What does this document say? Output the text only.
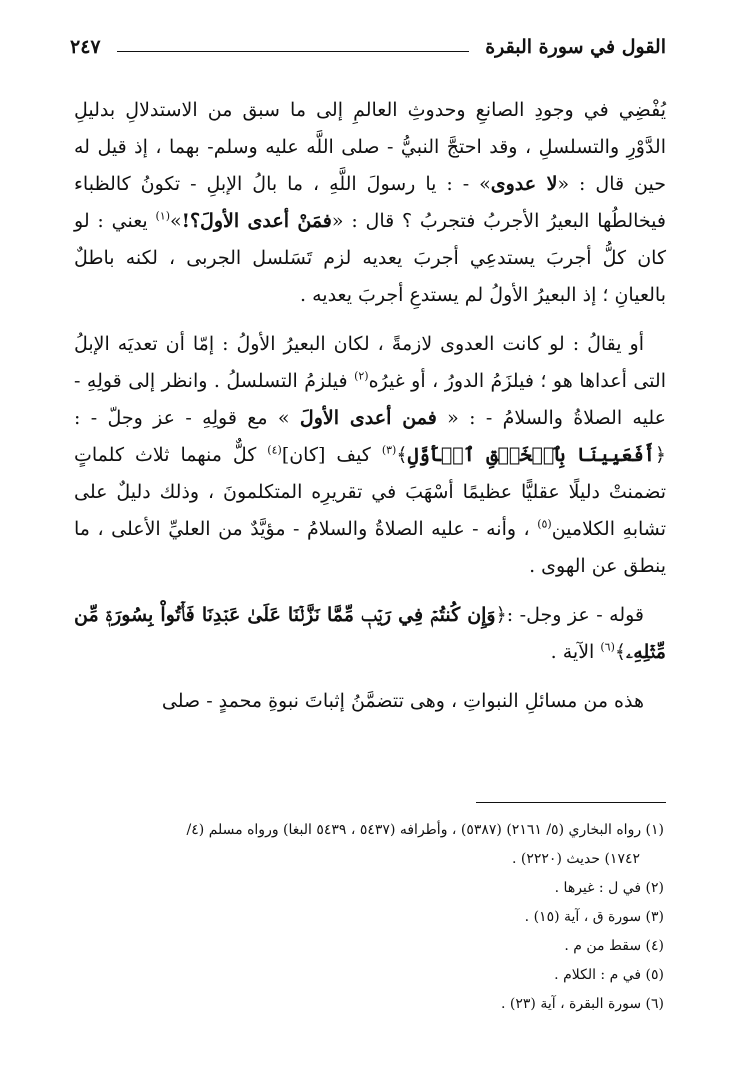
القول في سورة البقرة
٢٤٧

يُفْضِي في وجودِ الصانعِ وحدوثِ العالمِ إلى ما سبق من الاستدلالِ بدليلِ الدَّوْرِ والتسلسلِ ، وقد احتجَّ النبيُّ - صلى اللَّه عليه وسلم- بهما ، إذ قيل له حين قال : «لا عدوى» - : يا رسولَ اللَّهِ ، ما بالُ الإبلِ - تكونُ كالظباء فيخالطُها البعيرُ الأجربُ فتجربُ ؟ قال : «فمَنْ أعدى الأولَ؟!»$^{(١)}$ يعني : لو كان كلُّ أجربَ يستدعِي أجربَ يعديه لزم تَسَلسل الجربى ، لكنه باطلٌ بالعيانِ ؛ إذ البعيرُ الأولُ لم يستدعِ أجربَ يعديه .

أو يقالُ : لو كانت العدوى لازمةً ، لكان البعيرُ الأولُ : إمّا أن تعديَه الإبلُ التى أعداها هو ؛ فيلزَمُ الدورُ ، أو غيرُه$^{(٢)}$ فيلزمُ التسلسلُ . وانظر إلى قولِهِ - عليه الصلاةُ والسلامُ - : « فمن أعدى الأولَ » مع قولِهِ - عز وجلّ - : ﴿أَفَعَيِينَا بِٱلۡخَلۡقِ ٱلۡأَوَّلِ﴾$^{(٣)}$ كيف [كان]$^{(٤)}$ كلٌّ منهما ثلاث كلماتٍ تضمنتْ دليلًا عقليًّا عظيمًا أسْهَبَ في تقريرِه المتكلمونَ ، وذلك دليلٌ على تشابهِ الكلامين$^{(٥)}$ ، وأنه - عليه الصلاةُ والسلامُ - مؤيَّدٌ من العليِّ الأعلى ، ما ينطق عن الهوى .

قوله - عز وجل- :﴿وَإِن كُنتُمۡ فِي رَيۡبٖ مِّمَّا نَزَّلۡنَا عَلَىٰ عَبۡدِنَا فَأۡتُواْ بِسُورَةٖ مِّن مِّثۡلِهِۦ﴾$^{(٦)}$ الآية .

هذه من مسائلِ النبواتِ ، وهى تتضمَّنُ إثباتَ نبوةِ محمدٍ - صلى

(١) رواه البخاري (٥/ ٢١٦١) (٥٣٨٧) ، وأطرافه (٥٤٣٧ ، ٥٤٣٩ البغا) ورواه مسلم (٤/

١٧٤٢) حديث (٢٢٢٠) .

(٢) في ل : غيرها .

(٣) سورة ق ، آية (١٥) .

(٤) سقط من م .

(٥) في م : الكلام .

(٦) سورة البقرة ، آية (٢٣) .
